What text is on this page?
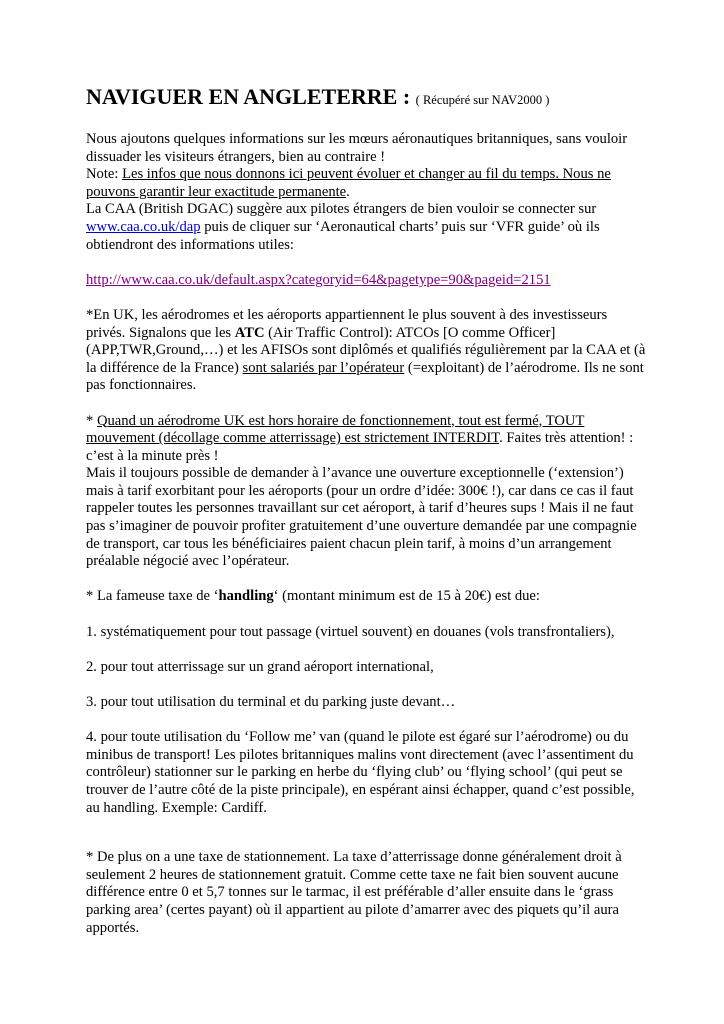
NAVIGUER EN ANGLETERRE : ( Récupéré sur NAV2000 )

Nous ajoutons quelques informations sur les mœurs aéronautiques britanniques, sans vouloir dissuader les visiteurs étrangers, bien au contraire !

Note: Les infos que nous donnons ici peuvent évoluer et changer au fil du temps. Nous ne pouvons garantir leur exactitude permanente.

La CAA (British DGAC) suggère aux pilotes étrangers de bien vouloir se connecter sur www.caa.co.uk/dap puis de cliquer sur ‘Aeronautical charts’ puis sur ‘VFR guide’ où ils obtiendront des informations utiles:

http://www.caa.co.uk/default.aspx?categoryid=64&pagetype=90&pageid=2151

*En UK, les aérodromes et les aéroports appartiennent le plus souvent à des investisseurs privés. Signalons que les ATC (Air Traffic Control): ATCOs [O comme Officer](APP,TWR,Ground,…) et les AFISOs sont diplômés et qualifiés régulièrement par la CAA et (à la différence de la France) sont salariés par l’opérateur (=exploitant) de l’aérodrome. Ils ne sont pas fonctionnaires.

* Quand un aérodrome UK est hors horaire de fonctionnement, tout est fermé, TOUT mouvement (décollage comme atterrissage) est strictement INTERDIT. Faites très attention! : c’est à la minute près !

Mais il toujours possible de demander à l’avance une ouverture exceptionnelle (‘extension’) mais à tarif exorbitant pour les aéroports (pour un ordre d’idée: 300€ !), car dans ce cas il faut rappeler toutes les personnes travaillant sur cet aéroport, à tarif d’heures sups ! Mais il ne faut pas s’imaginer de pouvoir profiter gratuitement d’une ouverture demandée par une compagnie de transport, car tous les bénéficiaires paient chacun plein tarif, à moins d’un arrangement préalable négocié avec l’opérateur.

* La fameuse taxe de ‘handling‘ (montant minimum est de 15 à 20€) est due:

1. systématiquement pour tout passage (virtuel souvent) en douanes (vols transfrontaliers),

2. pour tout atterrissage sur un grand aéroport international,

3. pour tout utilisation du terminal et du parking juste devant…

4. pour toute utilisation du ‘Follow me’ van (quand le pilote est égaré sur l’aérodrome) ou du minibus de transport! Les pilotes britanniques malins vont directement (avec l’assentiment du contrôleur) stationner sur le parking en herbe du ‘flying club’ ou ‘flying school’ (qui peut se trouver de l’autre côté de la piste principale), en espérant ainsi échapper, quand c’est possible, au handling. Exemple: Cardiff.

* De plus on a une taxe de stationnement. La taxe d’atterrissage donne généralement droit à seulement 2 heures de stationnement gratuit. Comme cette taxe ne fait bien souvent aucune différence entre 0 et 5,7 tonnes sur le tarmac, il est préférable d’aller ensuite dans le ‘grass parking area’ (certes payant) où il appartient au pilote d’amarrer avec des piquets qu’il aura apportés.
